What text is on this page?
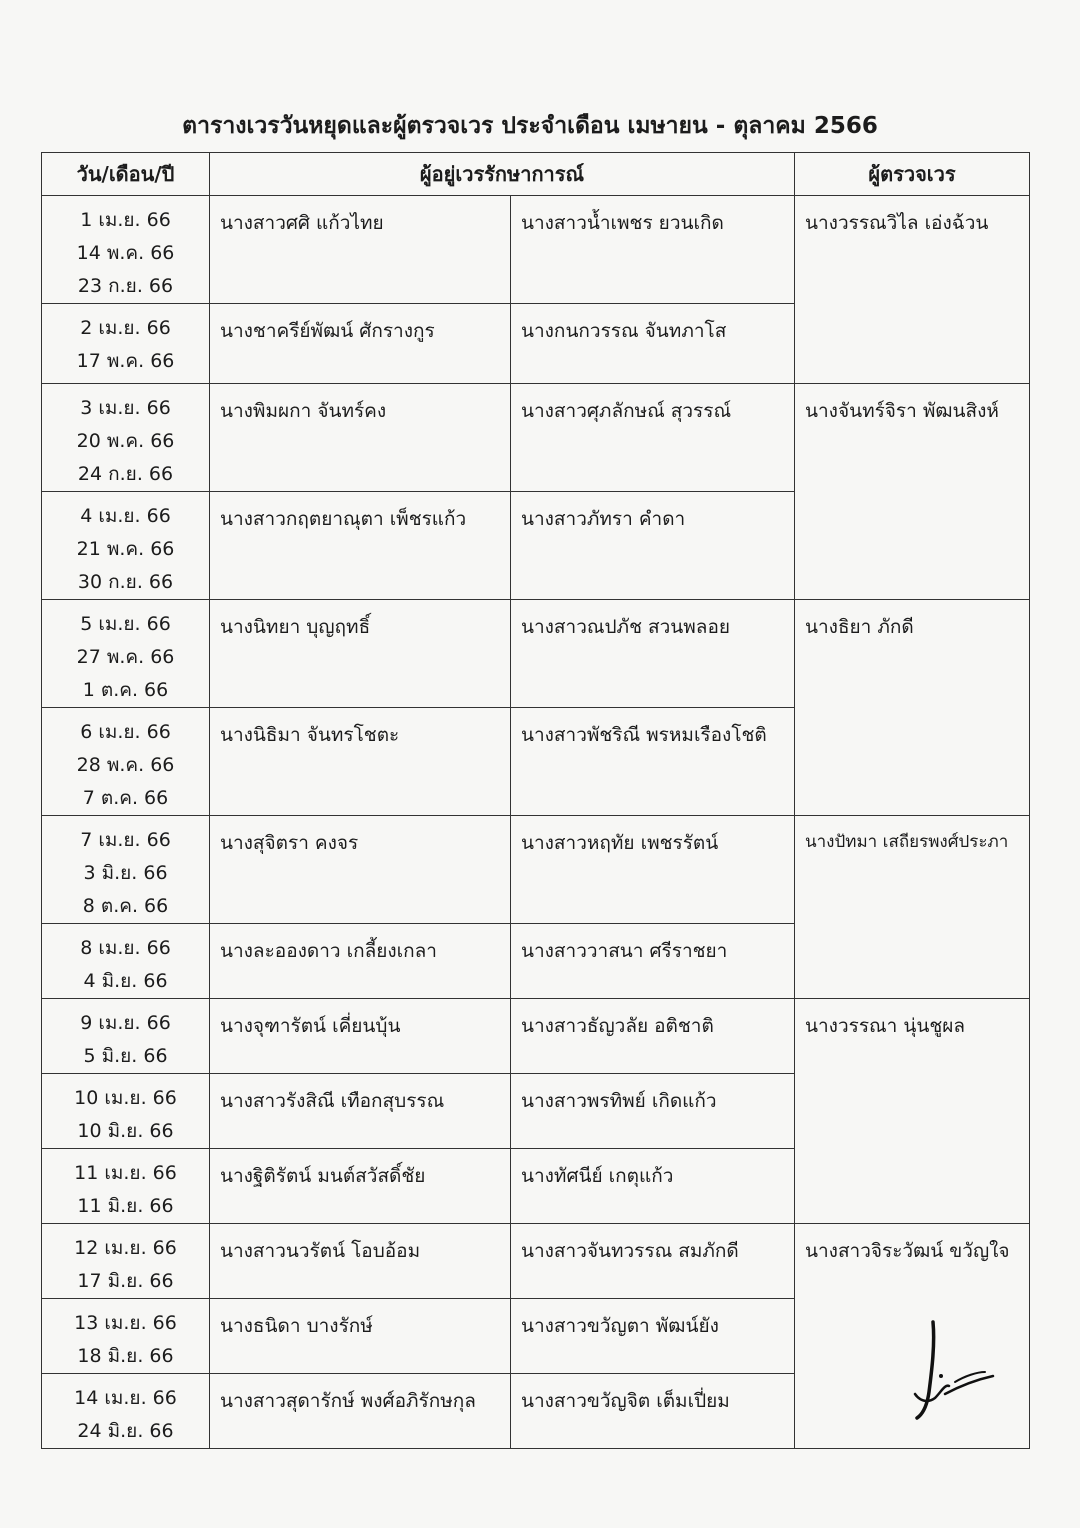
ตารางเวรวันหยุดและผู้ตรวจเวร ประจำเดือน เมษายน - ตุลาคม 2566
วัน/เดือน/ปี	ผู้อยู่เวรรักษาการณ์		ผู้ตรวจเวร

1 เม.ย. 66
14 พ.ค. 66
23 ก.ย. 66	นางสาวศศิ แก้วไทย	นางสาวน้ำเพชร ยวนเกิด	นางวรรณวิไล เอ่งฉ้วน

2 เม.ย. 66
17 พ.ค. 66	นางชาครีย์พัฒน์ ศักรางกูร	นางกนกวรรณ จันทภาโส	

3 เม.ย. 66
20 พ.ค. 66
24 ก.ย. 66	นางพิมผกา จันทร์คง	นางสาวศุภลักษณ์ สุวรรณ์	นางจันทร์จิรา พัฒนสิงห์

4 เม.ย. 66
21 พ.ค. 66
30 ก.ย. 66	นางสาวกฤตยาณุตา เพ็ชรแก้ว	นางสาวภัทรา คำดา	

5 เม.ย. 66
27 พ.ค. 66
1 ต.ค. 66	นางนิทยา บุญฤทธิ์	นางสาวณปภัช สวนพลอย	นางธิยา ภักดี

6 เม.ย. 66
28 พ.ค. 66
7 ต.ค. 66	นางนิธิมา จันทรโชตะ	นางสาวพัชริณี พรหมเรืองโชติ	

7 เม.ย. 66
3 มิ.ย. 66
8 ต.ค. 66	นางสุจิตรา คงจร	นางสาวหฤทัย เพชรรัตน์	นางปัทมา เสถียรพงศ์ประภา

8 เม.ย. 66
4 มิ.ย. 66	นางละอองดาว เกลี้ยงเกลา	นางสาววาสนา ศรีราชยา	

9 เม.ย. 66
5 มิ.ย. 66	นางจุฑารัตน์ เคี่ยนบุ้น	นางสาวธัญวลัย อติชาติ	นางวรรณา นุ่นชูผล

10 เม.ย. 66
10 มิ.ย. 66	นางสาวรังสิณี เทือกสุบรรณ	นางสาวพรทิพย์ เกิดแก้ว	

11 เม.ย. 66
11 มิ.ย. 66	นางฐิติรัตน์ มนต์สวัสดิ์ชัย	นางทัศนีย์ เกตุแก้ว	

12 เม.ย. 66
17 มิ.ย. 66	นางสาวนวรัตน์ โอบอ้อม	นางสาวจันทวรรณ สมภักดี	นางสาวจิระวัฒน์ ขวัญใจ

13 เม.ย. 66
18 มิ.ย. 66	นางธนิดา บางรักษ์	นางสาวขวัญตา พัฒน์ยัง	

14 เม.ย. 66
24 มิ.ย. 66	นางสาวสุดารักษ์ พงศ์อภิรักษกุล	นางสาวขวัญจิต เต็มเปี่ยม	
